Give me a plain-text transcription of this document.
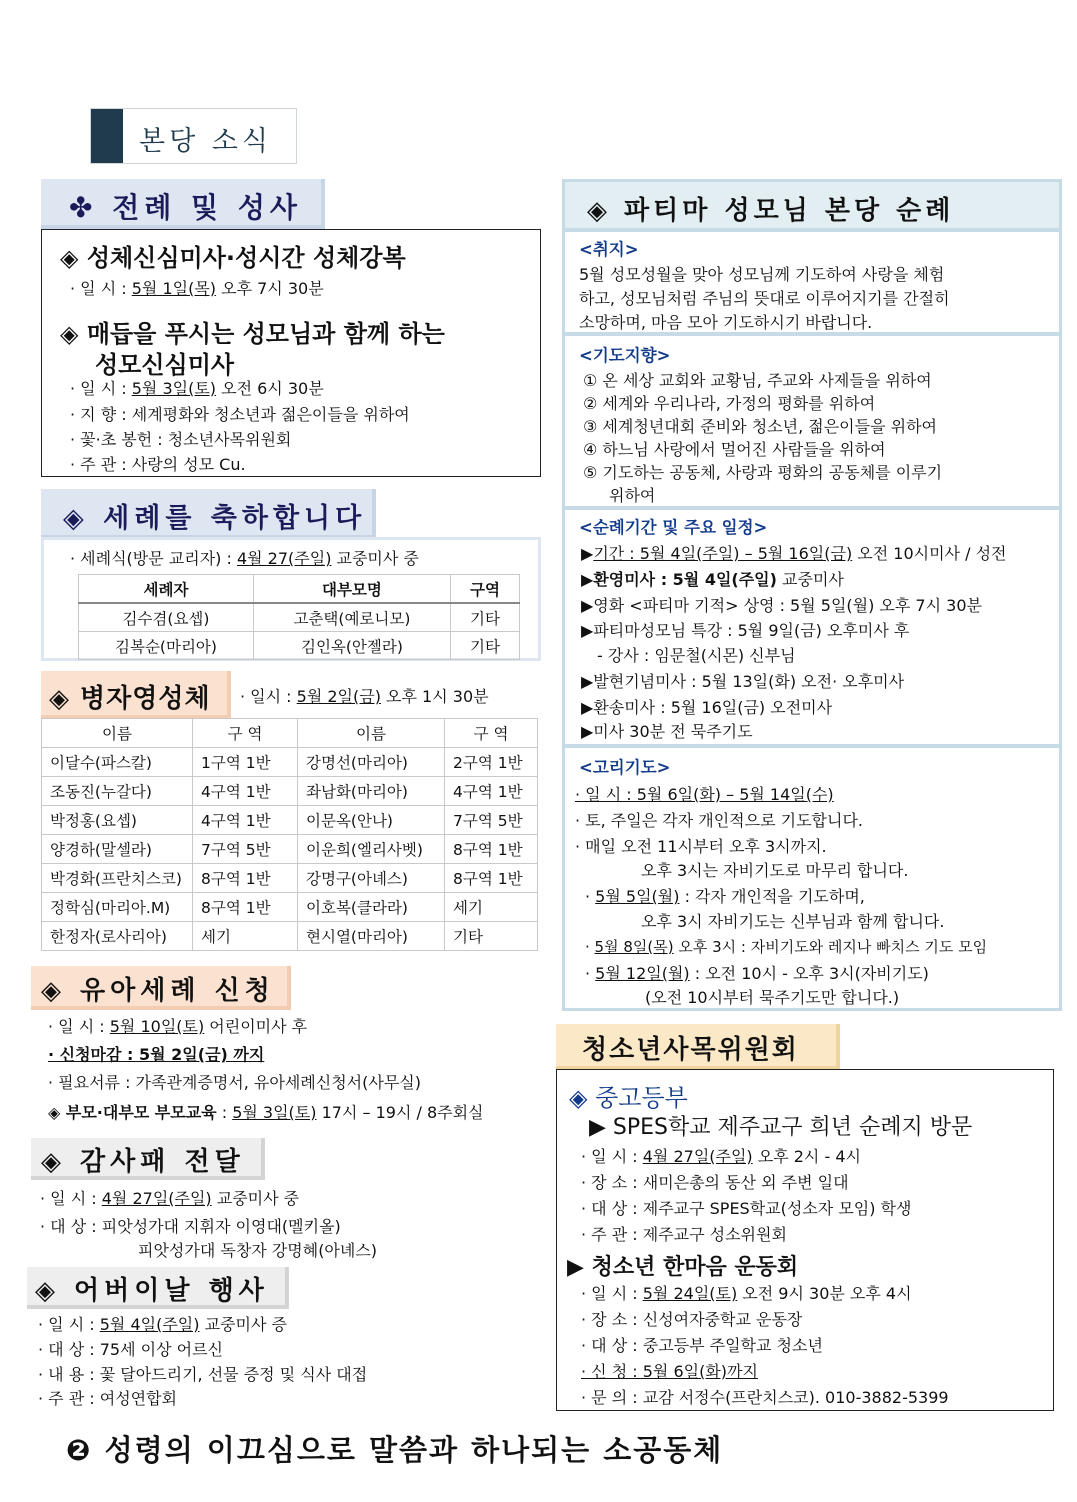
본당 소식
✤ 전례 및 성사
◈ 성체신심미사·성시간 성체강복
· 일 시 : 5월 1일(목) 오후 7시 30분
◈ 매듭을 푸시는 성모님과 함께 하는
성모신심미사
· 일 시 : 5월 3일(토) 오전 6시 30분
· 지 향 : 세계평화와 청소년과 젊은이들을 위하여
· 꽃·초 봉헌 : 청소년사목위원회
· 주 관 : 사랑의 성모 Cu.
◈ 세례를 축하합니다
· 세례식(방문 교리자) : 4월 27(주일) 교중미사 중
세례자	대부모명	구역
김수겸(요셉)	고춘택(예로니모)	기타
김복순(마리아)	김인옥(안젤라)	기타
◈ 병자영성체	· 일시 : 5월 2일(금) 오후 1시 30분
이름	구 역	이름	구 역
이달수(파스칼)	1구역 1반	강명선(마리아)	2구역 1반
조동진(누갈다)	4구역 1반	좌남화(마리아)	4구역 1반
박정홍(요셉)	4구역 1반	이문옥(안나)	7구역 5반
양경하(말셀라)	7구역 5반	이운희(엘리사벳)	8구역 1반
박경화(프란치스코)	8구역 1반	강명구(아녜스)	8구역 1반
정학심(마리아.M)	8구역 1반	이호복(클라라)	세기
한정자(로사리아)	세기	현시열(마리아)	기타
◈ 유아세례 신청
· 일 시 : 5월 10일(토) 어린이미사 후
· 신청마감 : 5월 2일(금) 까지
· 필요서류 : 가족관계증명서, 유아세례신청서(사무실)
◈ 부모·대부모 부모교육 : 5월 3일(토) 17시 – 19시 / 8주회실
◈ 감사패 전달
· 일 시 : 4월 27일(주일) 교중미사 중
· 대 상 : 피앗성가대 지휘자 이영대(멜키올)
피앗성가대 독창자 강명혜(아녜스)
◈ 어버이날 행사
· 일 시 : 5월 4일(주일) 교중미사 증
· 대 상 : 75세 이상 어르신
· 내 용 : 꽃 달아드리기, 선물 증정 및 식사 대접
· 주 관 : 여성연합회
◈ 파티마 성모님 본당 순례
<취지>
5월 성모성월을 맞아 성모님께 기도하여 사랑을 체험
하고, 성모님처럼 주님의 뜻대로 이루어지기를 간절히
소망하며, 마음 모아 기도하시기 바랍니다.
<기도지향>
① 온 세상 교회와 교황님, 주교와 사제들을 위하여
② 세계와 우리나라, 가정의 평화를 위하여
③ 세계청년대회 준비와 청소년, 젊은이들을 위하여
④ 하느님 사랑에서 멀어진 사람들을 위하여
⑤ 기도하는 공동체, 사랑과 평화의 공동체를 이루기
위하여
<순례기간 및 주요 일정>
▶기간 : 5월 4일(주일) – 5월 16일(금) 오전 10시미사 / 성전
▶환영미사 : 5월 4일(주일) 교중미사
▶영화 <파티마 기적> 상영 : 5월 5일(월) 오후 7시 30분
▶파티마성모님 특강 : 5월 9일(금) 오후미사 후
- 강사 : 임문철(시몬) 신부님
▶발현기념미사 : 5월 13일(화) 오전· 오후미사
▶환송미사 : 5월 16일(금) 오전미사
▶미사 30분 전 묵주기도
<고리기도>
· 일 시 : 5월 6일(화) – 5월 14일(수)
· 토, 주일은 각자 개인적으로 기도합니다.
· 매일 오전 11시부터 오후 3시까지.
오후 3시는 자비기도로 마무리 합니다.
· 5월 5일(월) : 각자 개인적을 기도하며,
오후 3시 자비기도는 신부님과 함께 합니다.
· 5월 8일(목) 오후 3시 : 자비기도와 레지나 빠치스 기도 모임
· 5월 12일(월) : 오전 10시 - 오후 3시(자비기도)
(오전 10시부터 묵주기도만 합니다.)
청소년사목위원회
◈ 중고등부
▶ SPES학교 제주교구 희년 순례지 방문
· 일 시 : 4월 27일(주일) 오후 2시 - 4시
· 장 소 : 새미은총의 동산 외 주변 일대
· 대 상 : 제주교구 SPES학교(성소자 모임) 학생
· 주 관 : 제주교구 성소위원회
▶ 청소년 한마음 운동회
· 일 시 : 5월 24일(토) 오전 9시 30분 오후 4시
· 장 소 : 신성여자중학교 운동장
· 대 상 : 중고등부 주일학교 청소년
· 신 청 : 5월 6일(화)까지
· 문 의 : 교감 서정수(프란치스코). 010-3882-5399
❷ 성령의 이끄심으로 말씀과 하나되는 소공동체
